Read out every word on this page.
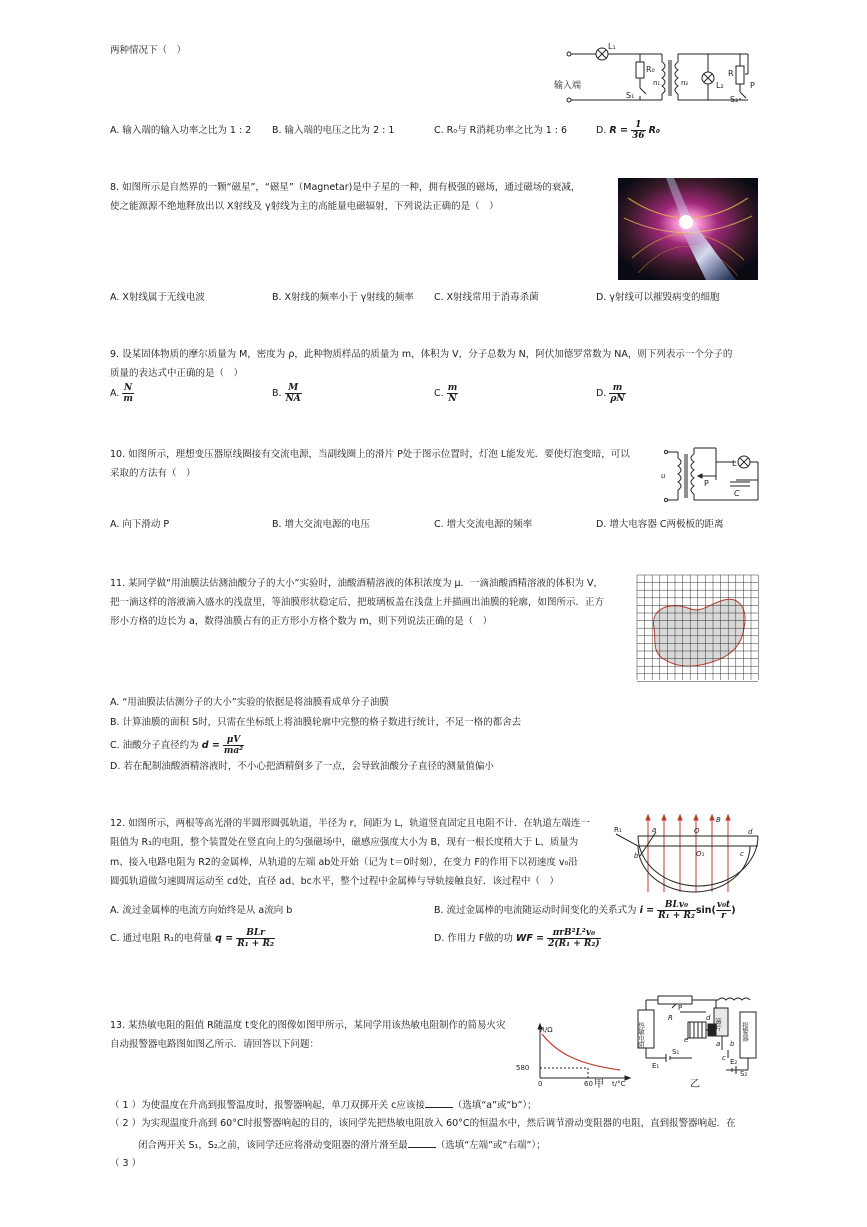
两种情况下（　）
输入端
L₁
R₀
n₁	n₂
S₁
L₂
R
P
S₂
A. 输入端的输入功率之比为 1 : 2 B. 输入端的电压之比为 2 : 1	C. R₀与 R消耗功率之比为 1 : 6	D. $R = \frac{1}{36} R_0$
8. 如图所示是自然界的一颗“磁星”，“磁星”（Magnetar)是中子星的一种，拥有极强的磁场，通过磁场的衰减，
使之能源源不绝地释放出以 X射线及 γ射线为主的高能量电磁辐射，下列说法正确的是（　）
A. X射线属于无线电波	B. X射线的频率小于 γ射线的频率 C. X射线常用于消毒杀菌	D. γ射线可以摧毁病变的细胞
9. 设某固体物质的摩尔质量为 M，密度为 ρ，此种物质样品的质量为 m，体积为 V，分子总数为 N，阿伏加德罗常数为 NA，则下列表示一个分子的
质量的表达式中正确的是（　）
A. $\frac{N}{m}$	B. $\frac{M}{NA}$	C. $\frac{m}{N}$	D. $\frac{m}{\rho N}$
10. 如图所示，理想变压器原线圈接有交流电源，当副线圈上的滑片 P处于图示位置时，灯泡 L能发光．要使灯泡变暗，可以
采取的方法有（　）	u
P
L
C
A. 向下滑动 P	B. 增大交流电源的电压	C. 增大交流电源的频率	D. 增大电容器 C两极板的距离
11. 某同学做“用油膜法估测油酸分子的大小”实验时，油酸酒精溶液的体积浓度为 μ．一滴油酸酒精溶液的体积为 V，
把一滴这样的溶液滴入盛水的浅盘里，等油膜形状稳定后，把玻璃板盖在浅盘上并描画出油膜的轮廓，如图所示．正方
形小方格的边长为 a，数得油膜占有的正方形小方格个数为 m，则下列说法正确的是（　）
A. “用油膜法估测分子的大小”实验的依据是将油膜看成单分子油膜
B. 计算油膜的面积 S时，只需在坐标纸上将油膜轮廓中完整的格子数进行统计，不足一格的都舍去
C. 油酸分子直径约为 $d = \frac{\mu V}{\text{ma²}}$
D. 若在配制油酸酒精溶液时，不小心把酒精倒多了一点，会导致油酸分子直径的测量值偏小
12. 如图所示，两根等高光滑的半圆形圆弧轨道，半径为 r，间距为 L，轨道竖直固定且电阻不计．在轨道左端连一
阻值为 R₁的电阻，整个装置处在竖直向上的匀强磁场中，磁感应强度大小为 B，现有一根长度稍大于 L、质量为
m、接入电路电阻为 R2的金属棒，从轨道的左端 ab处开始（记为 t＝0时刻），在变力 F的作用下以初速度 v₀沿
圆弧轨道做匀速圆周运动至 cd处，直径 ad、bc水平，整个过程中金属棒与导轨接触良好．该过程中（　）
R₁	a
b
O
O₁
d
c
B
A. 流过金属棒的电流方向始终是从 a流向 b	B. 流过金属棒的电流随运动时间变化的关系式为 $i = \frac{\text{BLv₀}}{\text{R₁ + R₂}} \sin( \frac{\text{v₀t}}{r}$ )
C. 通过电阻 R₁的电荷量 $q = \frac{\text{BLr}}{\text{R₁ + R₂}}$	D. 作用力 F做的功 WF = $\frac{\text{πrB²L²v₀}}{\text{2(R₁ + R₂)}}$
13. 某热敏电阻的阻值 R随温度 t变化的图像如图甲所示，某同学用该热敏电阻制作的简易火灾
自动报警器电路图如图乙所示．请回答以下问题：
R/Ω
580
0	60	t/°C
甲
热敏电阻	报警器
簧片
R
P
a b
c
d
e
E₁
S₁
E₂
S₂
乙
（ 1 ）为使温度在升高到报警温度时，报警器响起，单刀双掷开关 c应该接	（选填“a”或“b”）；
（ 2 ）为实现温度升高到 60°C时报警器响起的目的，该同学先把热敏电阻放入 60°C的恒温水中，然后调节滑动变阻器的电阻，直到报警器响起．在
闭合两开关 S₁，S₂之前，该同学还应将滑动变阻器的滑片滑至最	（选填“左端”或“右端”）；
（ 3 ）
